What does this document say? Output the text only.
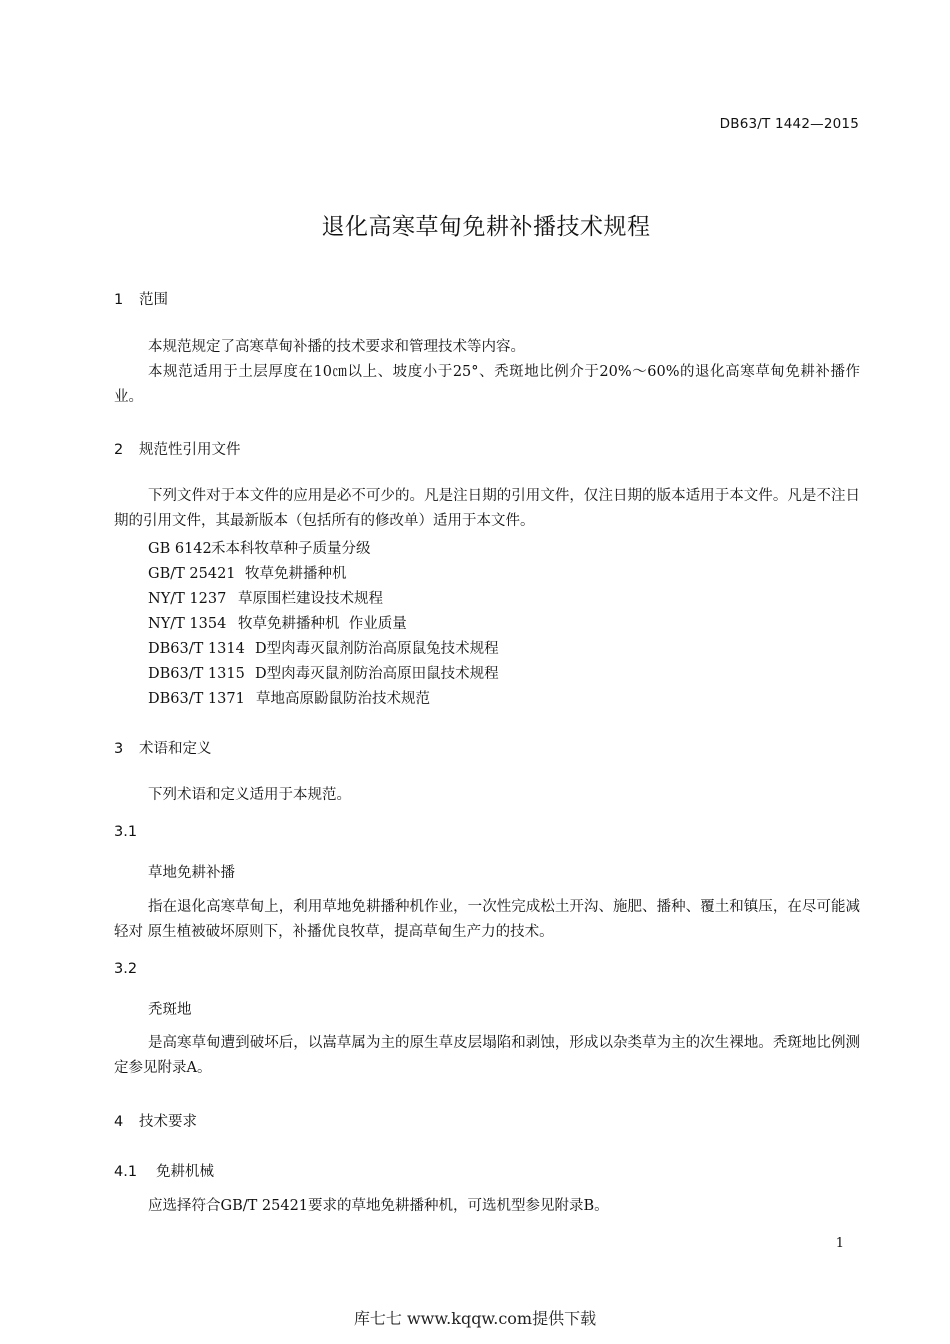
DB63/T 1442—2015
退化高寒草甸免耕补播技术规程
1 范围
本规范规定了高寒草甸补播的技术要求和管理技术等内容。
本规范适用于土层厚度在10㎝以上、坡度小于25°、秃斑地比例介于20%～60%的退化高寒草甸免耕补播作业。
2 规范性引用文件
下列文件对于本文件的应用是必不可少的。凡是注日期的引用文件，仅注日期的版本适用于本文件。凡是不注日期的引用文件，其最新版本（包括所有的修改单）适用于本文件。
GB 6142禾本科牧草种子质量分级
GB/T 25421 牧草免耕播种机
NY/T 1237 草原围栏建设技术规程
NY/T 1354 牧草免耕播种机  作业质量
DB63/T 1314 D型肉毒灭鼠剂防治高原鼠兔技术规程
DB63/T 1315 D型肉毒灭鼠剂防治高原田鼠技术规程
DB63/T 1371 草地高原鼢鼠防治技术规范
3 术语和定义
下列术语和定义适用于本规范。
3.1
草地免耕补播
指在退化高寒草甸上，利用草地免耕播种机作业，一次性完成松土开沟、施肥、播种、覆土和镇压，在尽可能减轻对 原生植被破坏原则下，补播优良牧草，提高草甸生产力的技术。
3.2
秃斑地
是高寒草甸遭到破坏后，以嵩草属为主的原生草皮层塌陷和剥蚀，形成以杂类草为主的次生裸地。秃斑地比例测定参见附录A。
4 技术要求
4.1 免耕机械
应选择符合GB/T 25421要求的草地免耕播种机，可选机型参见附录B。
1
库七七 www.kqqw.com提供下载
